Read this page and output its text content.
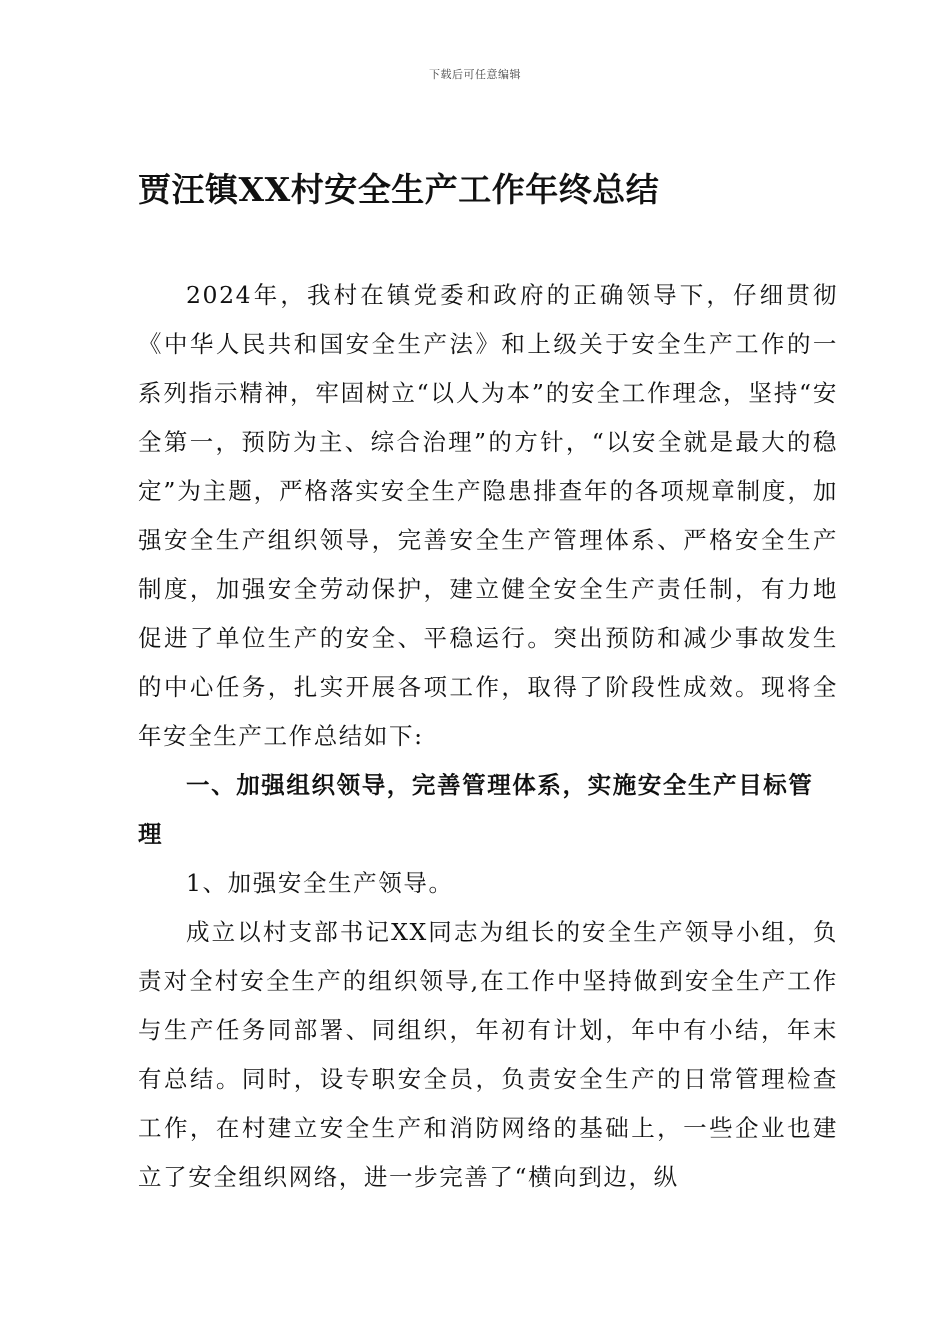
下载后可任意编辑
贾汪镇XX村安全生产工作年终总结

2024年，我村在镇党委和政府的正确领导下，仔细贯彻《中华人民共和国安全生产法》和上级关于安全生产工作的一系列指示精神，牢固树立“以人为本”的安全工作理念，坚持“安全第一，预防为主、综合治理”的方针，“以安全就是最大的稳定”为主题，严格落实安全生产隐患排查年的各项规章制度，加强安全生产组织领导，完善安全生产管理体系、严格安全生产制度，加强安全劳动保护，建立健全安全生产责任制，有力地促进了单位生产的安全、平稳运行。突出预防和减少事故发生的中心任务，扎实开展各项工作，取得了阶段性成效。现将全年安全生产工作总结如下:

一、加强组织领导，完善管理体系，实施安全生产目标管理

1、加强安全生产领导。

成立以村支部书记XX同志为组长的安全生产领导小组，负责对全村安全生产的组织领导,在工作中坚持做到安全生产工作与生产任务同部署、同组织，年初有计划，年中有小结，年末有总结。同时，设专职安全员，负责安全生产的日常管理检查工作，在村建立安全生产和消防网络的基础上，一些企业也建立了安全组织网络，进一步完善了“横向到边，纵
